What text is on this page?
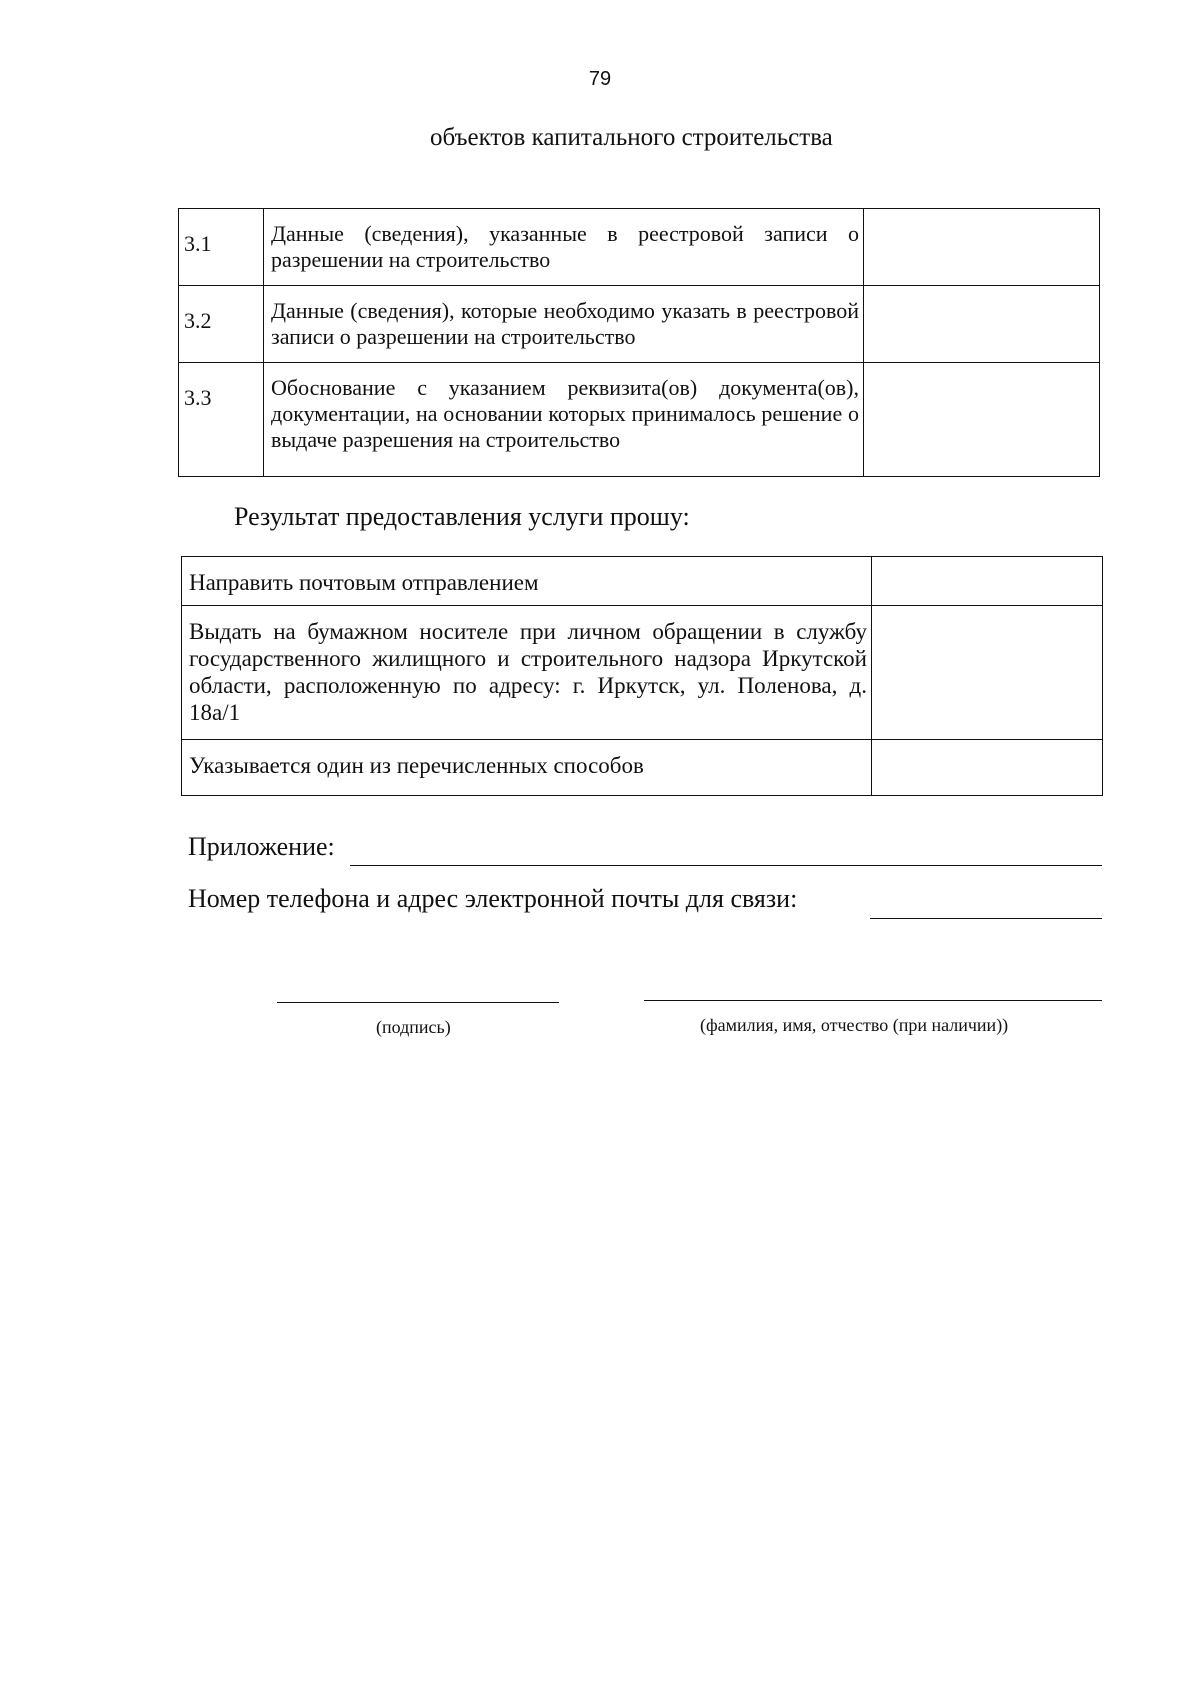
79
объектов капитального строительства
3.1	Данные (сведения), указанные в реестровой записи о разрешении на строительство	
3.2	Данные (сведения), которые необходимо указать в реестровой записи о разрешении на строительство	
3.3	Обоснование с указанием реквизита(ов) документа(ов), документации, на основании которых принималось решение о выдаче разрешения на строительство	
Результат предоставления услуги прошу:
Направить почтовым отправлением	
Выдать на бумажном носителе при личном обращении в службу государственного жилищного и строительного надзора Иркутской области, расположенную по адресу: г. Иркутск, ул. Поленова, д. 18а/1	
Указывается один из перечисленных способов	
Приложение:
Номер телефона и адрес электронной почты для связи:
(подпись)	(фамилия, имя, отчество (при наличии))
